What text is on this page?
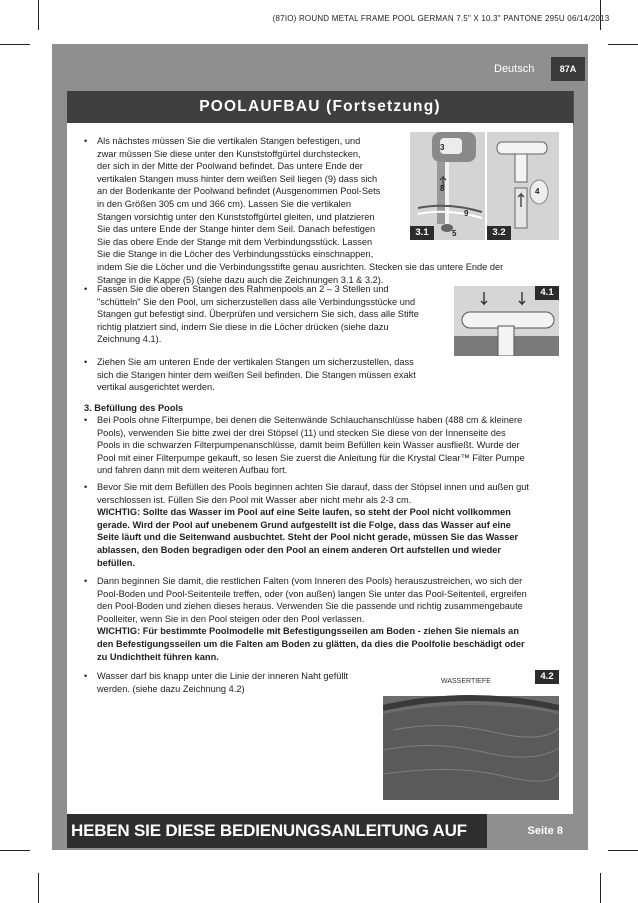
(87IO) ROUND METAL FRAME POOL GERMAN 7.5" X 10.3" PANTONE 295U 06/14/2013
Deutsch	87A
POOLAUFBAU (Fortsetzung)
•	Als nächstes müssen Sie die vertikalen Stangen befestigen, und
zwar müssen Sie diese unter den Kunststoffgürtel durchstecken,
der sich in der Mitte der Poolwand befindet. Das untere Ende der
vertikalen Stangen muss hinter dem weißen Seil liegen (9) dass sich
an der Bodenkante der Poolwand befindet (Ausgenommen Pool-Sets
in den Größen 305 cm und 366 cm). Lassen Sie die vertikalen
Stangen vorsichtig unter den Kunststoffgürtel gleiten, und platzieren
Sie das untere Ende der Stange hinter dem Seil. Danach befestigen
Sie das obere Ende der Stange mit dem Verbindungsstück. Lassen
Sie die Stange in die Löcher des Verbindungsstücks einschnappen,
indem Sie die Löcher und die Verbindungsstifte genau ausrichten. Stecken sie das untere Ende der
Stange in die Kappe (5) (siehe dazu auch die Zeichnungen 3.1 & 3.2).
3
8
9
5
3.1
4
3.2
•	Fassen Sie die oberen Stangen des Rahmenpools an 2 – 3 Stellen und
"schütteln" Sie den Pool, um sicherzustellen dass alle Verbindungsstücke und
Stangen gut befestigt sind. Überprüfen und versichern Sie sich, dass alle Stifte
richtig platziert sind, indem Sie diese in die Löcher drücken (siehe dazu
Zeichnung 4.1).
4.1
•	Ziehen Sie am unteren Ende der vertikalen Stangen um sicherzustellen, dass
sich die Stangen hinter dem weißen Seil befinden. Die Stangen müssen exakt
vertikal ausgerichtet werden.
3. Befüllung des Pools
•	Bei Pools ohne Filterpumpe, bei denen die Seitenwände Schlauchanschlüsse haben (488 cm & kleinere
Pools), verwenden Sie bitte zwei der drei Stöpsel (11) und stecken Sie diese von der Innenseite des
Pools in die schwarzen Filterpumpenanschlüsse, damit beim Befüllen kein Wasser ausfließt. Wurde der
Pool mit einer Filterpumpe gekauft, so lesen Sie zuerst die Anleitung für die Krystal Clear™ Filter Pumpe
und fahren dann mit dem weiteren Aufbau fort.
•	Bevor Sie mit dem Befüllen des Pools beginnen achten Sie darauf, dass der Stöpsel innen und außen gut
verschlossen ist. Füllen Sie den Pool mit Wasser aber nicht mehr als 2-3 cm.
WICHTIG: Sollte das Wasser im Pool auf eine Seite laufen, so steht der Pool nicht vollkommen
gerade. Wird der Pool auf unebenem Grund aufgestellt ist die Folge, dass das Wasser auf eine
Seite läuft und die Seitenwand ausbuchtet. Steht der Pool nicht gerade, müssen Sie das Wasser
ablassen, den Boden begradigen oder den Pool an einem anderen Ort aufstellen und wieder
befüllen.
•	Dann beginnen Sie damit, die restlichen Falten (vom Inneren des Pools) herauszustreichen, wo sich der
Pool-Boden und Pool-Seitenteile treffen, oder (von außen) langen Sie unter das Pool-Seitenteil, ergreifen
den Pool-Boden und ziehen dieses heraus. Verwenden Sie die passende und richtig zusammengebaute
Poolleiter, wenn Sie in den Pool steigen oder den Pool verlassen.
WICHTIG: Für bestimmte Poolmodelle mit Befestigungsseilen am Boden - ziehen Sie niemals an
den Befestigungsseilen um die Falten am Boden zu glätten, da dies die Poolfolie beschädigt oder
zu Undichtheit führen kann.
•	Wasser darf bis knapp unter die Linie der inneren Naht gefüllt
werden. (siehe dazu Zeichnung 4.2)
WASSERTIEFE	4.2
HEBEN SIE DIESE BEDIENUNGSANLEITUNG AUF	Seite 8
